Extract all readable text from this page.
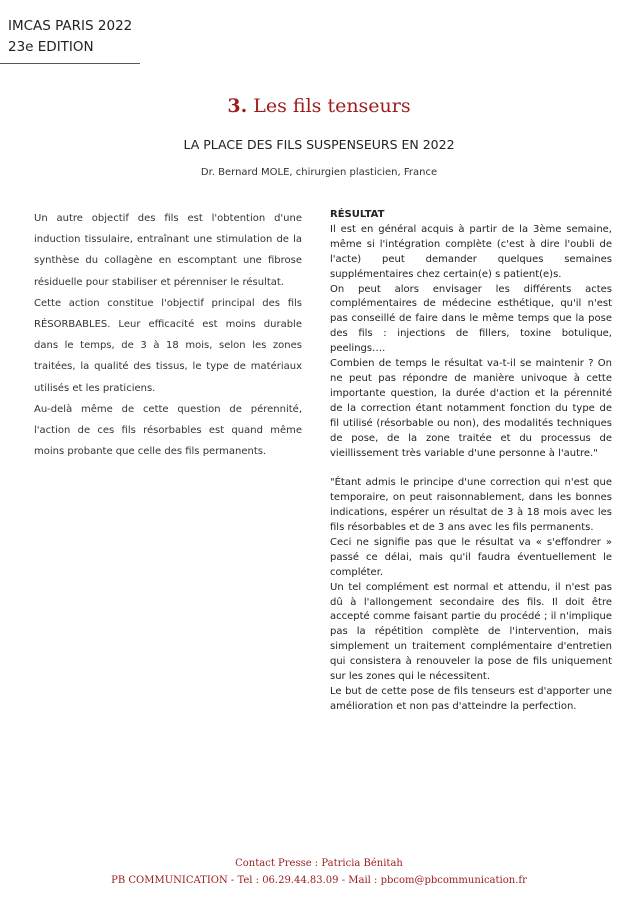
IMCAS PARIS 2022
23e EDITION
3. Les fils tenseurs
LA PLACE DES FILS SUSPENSEURS EN 2022
Dr. Bernard MOLE, chirurgien plasticien, France

Un autre objectif des fils est l'obtention d'une induction tissulaire, entraînant une stimulation de la synthèse du collagène en escomptant une fibrose résiduelle pour stabiliser et pérenniser le résultat.

Cette action constitue l'objectif principal des fils RÉSORBABLES. Leur efficacité est moins durable dans le temps, de 3 à 18 mois, selon les zones traitées, la qualité des tissus, le type de matériaux utilisés et les praticiens.

Au-delà même de cette question de pérennité, l'action de ces fils résorbables est quand même moins probante que celle des fils permanents.

RÉSULTAT

Il est en général acquis à partir de la 3ème semaine, même si l'intégration complète (c'est à dire l'oubli de l'acte) peut demander quelques semaines supplémentaires chez certain(e) s patient(e)s.

On peut alors envisager les différents actes complémentaires de médecine esthétique, qu'il n'est pas conseillé de faire dans le même temps que la pose des fils : injections de fillers, toxine botulique, peelings….

Combien de temps le résultat va-t-il se maintenir ? On ne peut pas répondre de manière univoque à cette importante question, la durée d'action et la pérennité de la correction étant notamment fonction du type de fil utilisé (résorbable ou non), des modalités techniques de pose, de la zone traitée et du processus de vieillissement très variable d'une personne à l'autre."

"Étant admis le principe d'une correction qui n'est que temporaire, on peut raisonnablement, dans les bonnes indications, espérer un résultat de 3 à 18 mois avec les fils résorbables et de 3 ans avec les fils permanents.

Ceci ne signifie pas que le résultat va « s'effondrer » passé ce délai, mais qu'il faudra éventuellement le compléter.

Un tel complément est normal et attendu, il n'est pas dû à l'allongement secondaire des fils. Il doit être accepté comme faisant partie du procédé ; il n'implique pas la répétition complète de l'intervention, mais simplement un traitement complémentaire d'entretien qui consistera à renouveler la pose de fils uniquement sur les zones qui le nécessitent.

Le but de cette pose de fils tenseurs est d'apporter une amélioration et non pas d'atteindre la perfection.

Contact Presse : Patricia Bénitah
PB COMMUNICATION - Tel : 06.29.44.83.09 - Mail : pbcom@pbcommunication.fr
